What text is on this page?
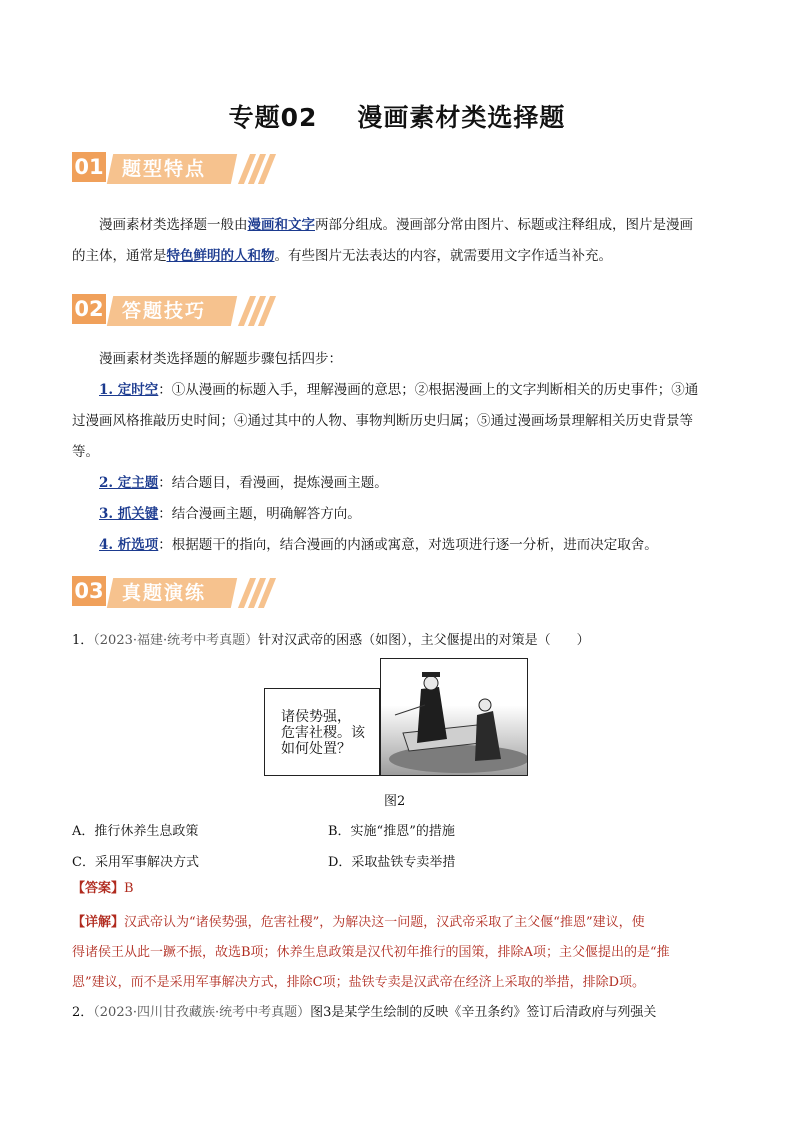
专题02 漫画素材类选择题
01 题型特点
漫画素材类选择题一般由漫画和文字两部分组成。漫画部分常由图片、标题或注释组成，图片是漫画
的主体，通常是特色鲜明的人和物。有些图片无法表达的内容，就需要用文字作适当补充。
02 答题技巧
漫画素材类选择题的解题步骤包括四步：
1. 定时空：①从漫画的标题入手，理解漫画的意思；②根据漫画上的文字判断相关的历史事件；③通
过漫画风格推敲历史时间；④通过其中的人物、事物判断历史归属；⑤通过漫画场景理解相关历史背景等
等。
2. 定主题：结合题目，看漫画，提炼漫画主题。
3. 抓关键：结合漫画主题，明确解答方向。
4. 析选项：根据题干的指向，结合漫画的内涵或寓意，对选项进行逐一分析，进而决定取舍。
03 真题演练
1．（2023·福建·统考中考真题）针对汉武帝的困惑（如图），主父偃提出的对策是（　　）
诸侯势强，
危害社稷。该
如何处置？
图2
A．推行休养生息政策	B．实施“推恩”的措施
C．采用军事解决方式	D．采取盐铁专卖举措
【答案】B
【详解】汉武帝认为“诸侯势强，危害社稷”，为解决这一问题，汉武帝采取了主父偃“推恩”建议，使
得诸侯王从此一蹶不振，故选B项；休养生息政策是汉代初年推行的国策，排除A项；主父偃提出的是“推
恩”建议，而不是采用军事解决方式，排除C项；盐铁专卖是汉武帝在经济上采取的举措，排除D项。
2．（2023·四川甘孜藏族·统考中考真题）图3是某学生绘制的反映《辛丑条约》签订后清政府与列强关
